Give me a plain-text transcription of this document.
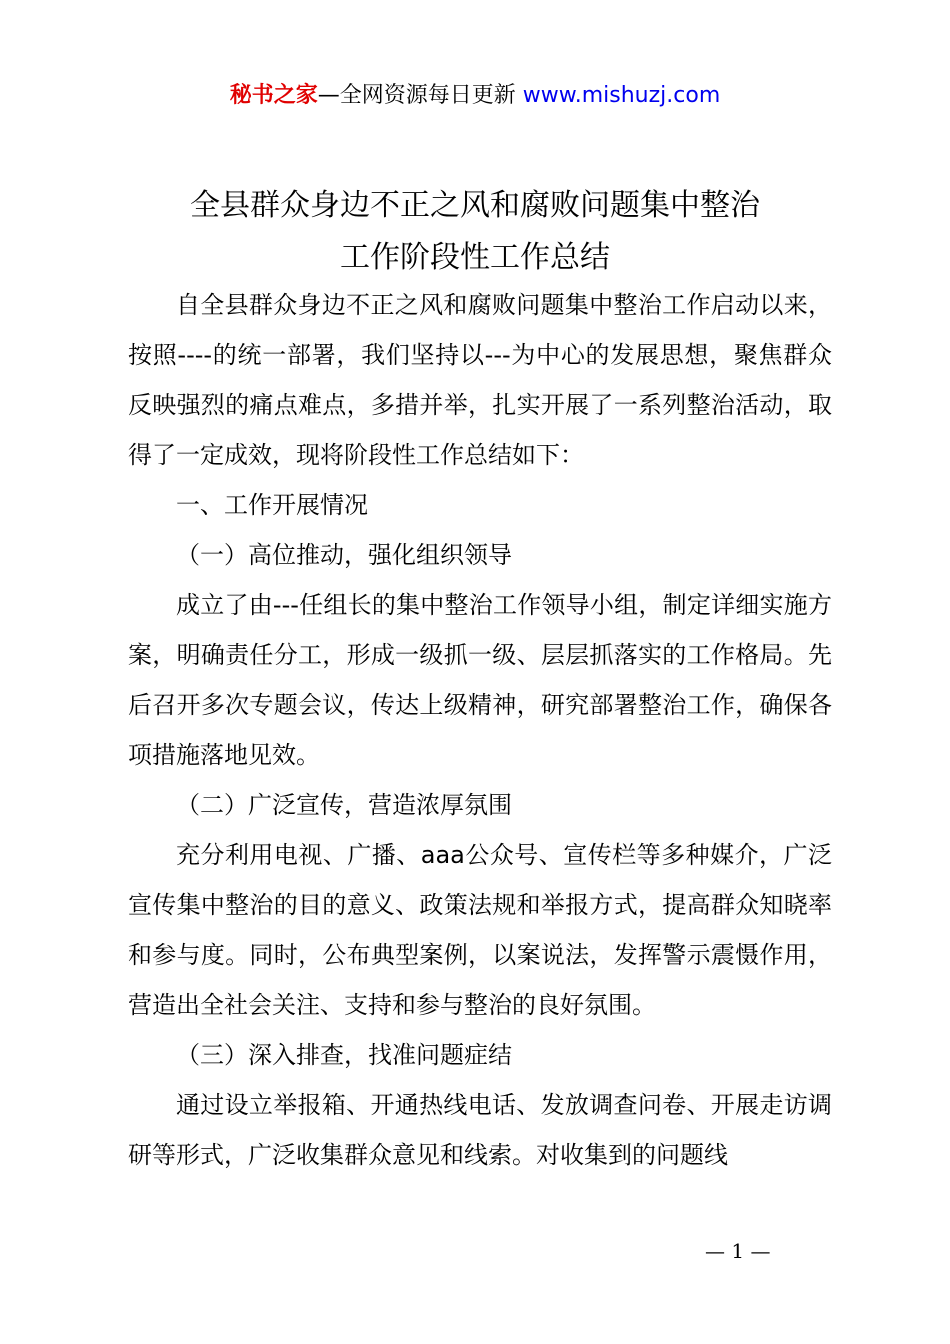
秘书之家—全网资源每日更新 www.mishuzj.com
全县群众身边不正之风和腐败问题集中整治
工作阶段性工作总结

自全县群众身边不正之风和腐败问题集中整治工作启动以来，按照----的统一部署，我们坚持以---为中心的发展思想，聚焦群众反映强烈的痛点难点，多措并举，扎实开展了一系列整治活动，取得了一定成效，现将阶段性工作总结如下：

一、工作开展情况

（一）高位推动，强化组织领导

成立了由---任组长的集中整治工作领导小组，制定详细实施方案，明确责任分工，形成一级抓一级、层层抓落实的工作格局。先后召开多次专题会议，传达上级精神，研究部署整治工作，确保各项措施落地见效。

（二）广泛宣传，营造浓厚氛围

充分利用电视、广播、aaa公众号、宣传栏等多种媒介，广泛宣传集中整治的目的意义、政策法规和举报方式，提高群众知晓率和参与度。同时，公布典型案例，以案说法，发挥警示震慑作用，营造出全社会关注、支持和参与整治的良好氛围。

（三）深入排查，找准问题症结

通过设立举报箱、开通热线电话、发放调查问卷、开展走访调研等形式，广泛收集群众意见和线索。对收集到的问题线

— 1 —
